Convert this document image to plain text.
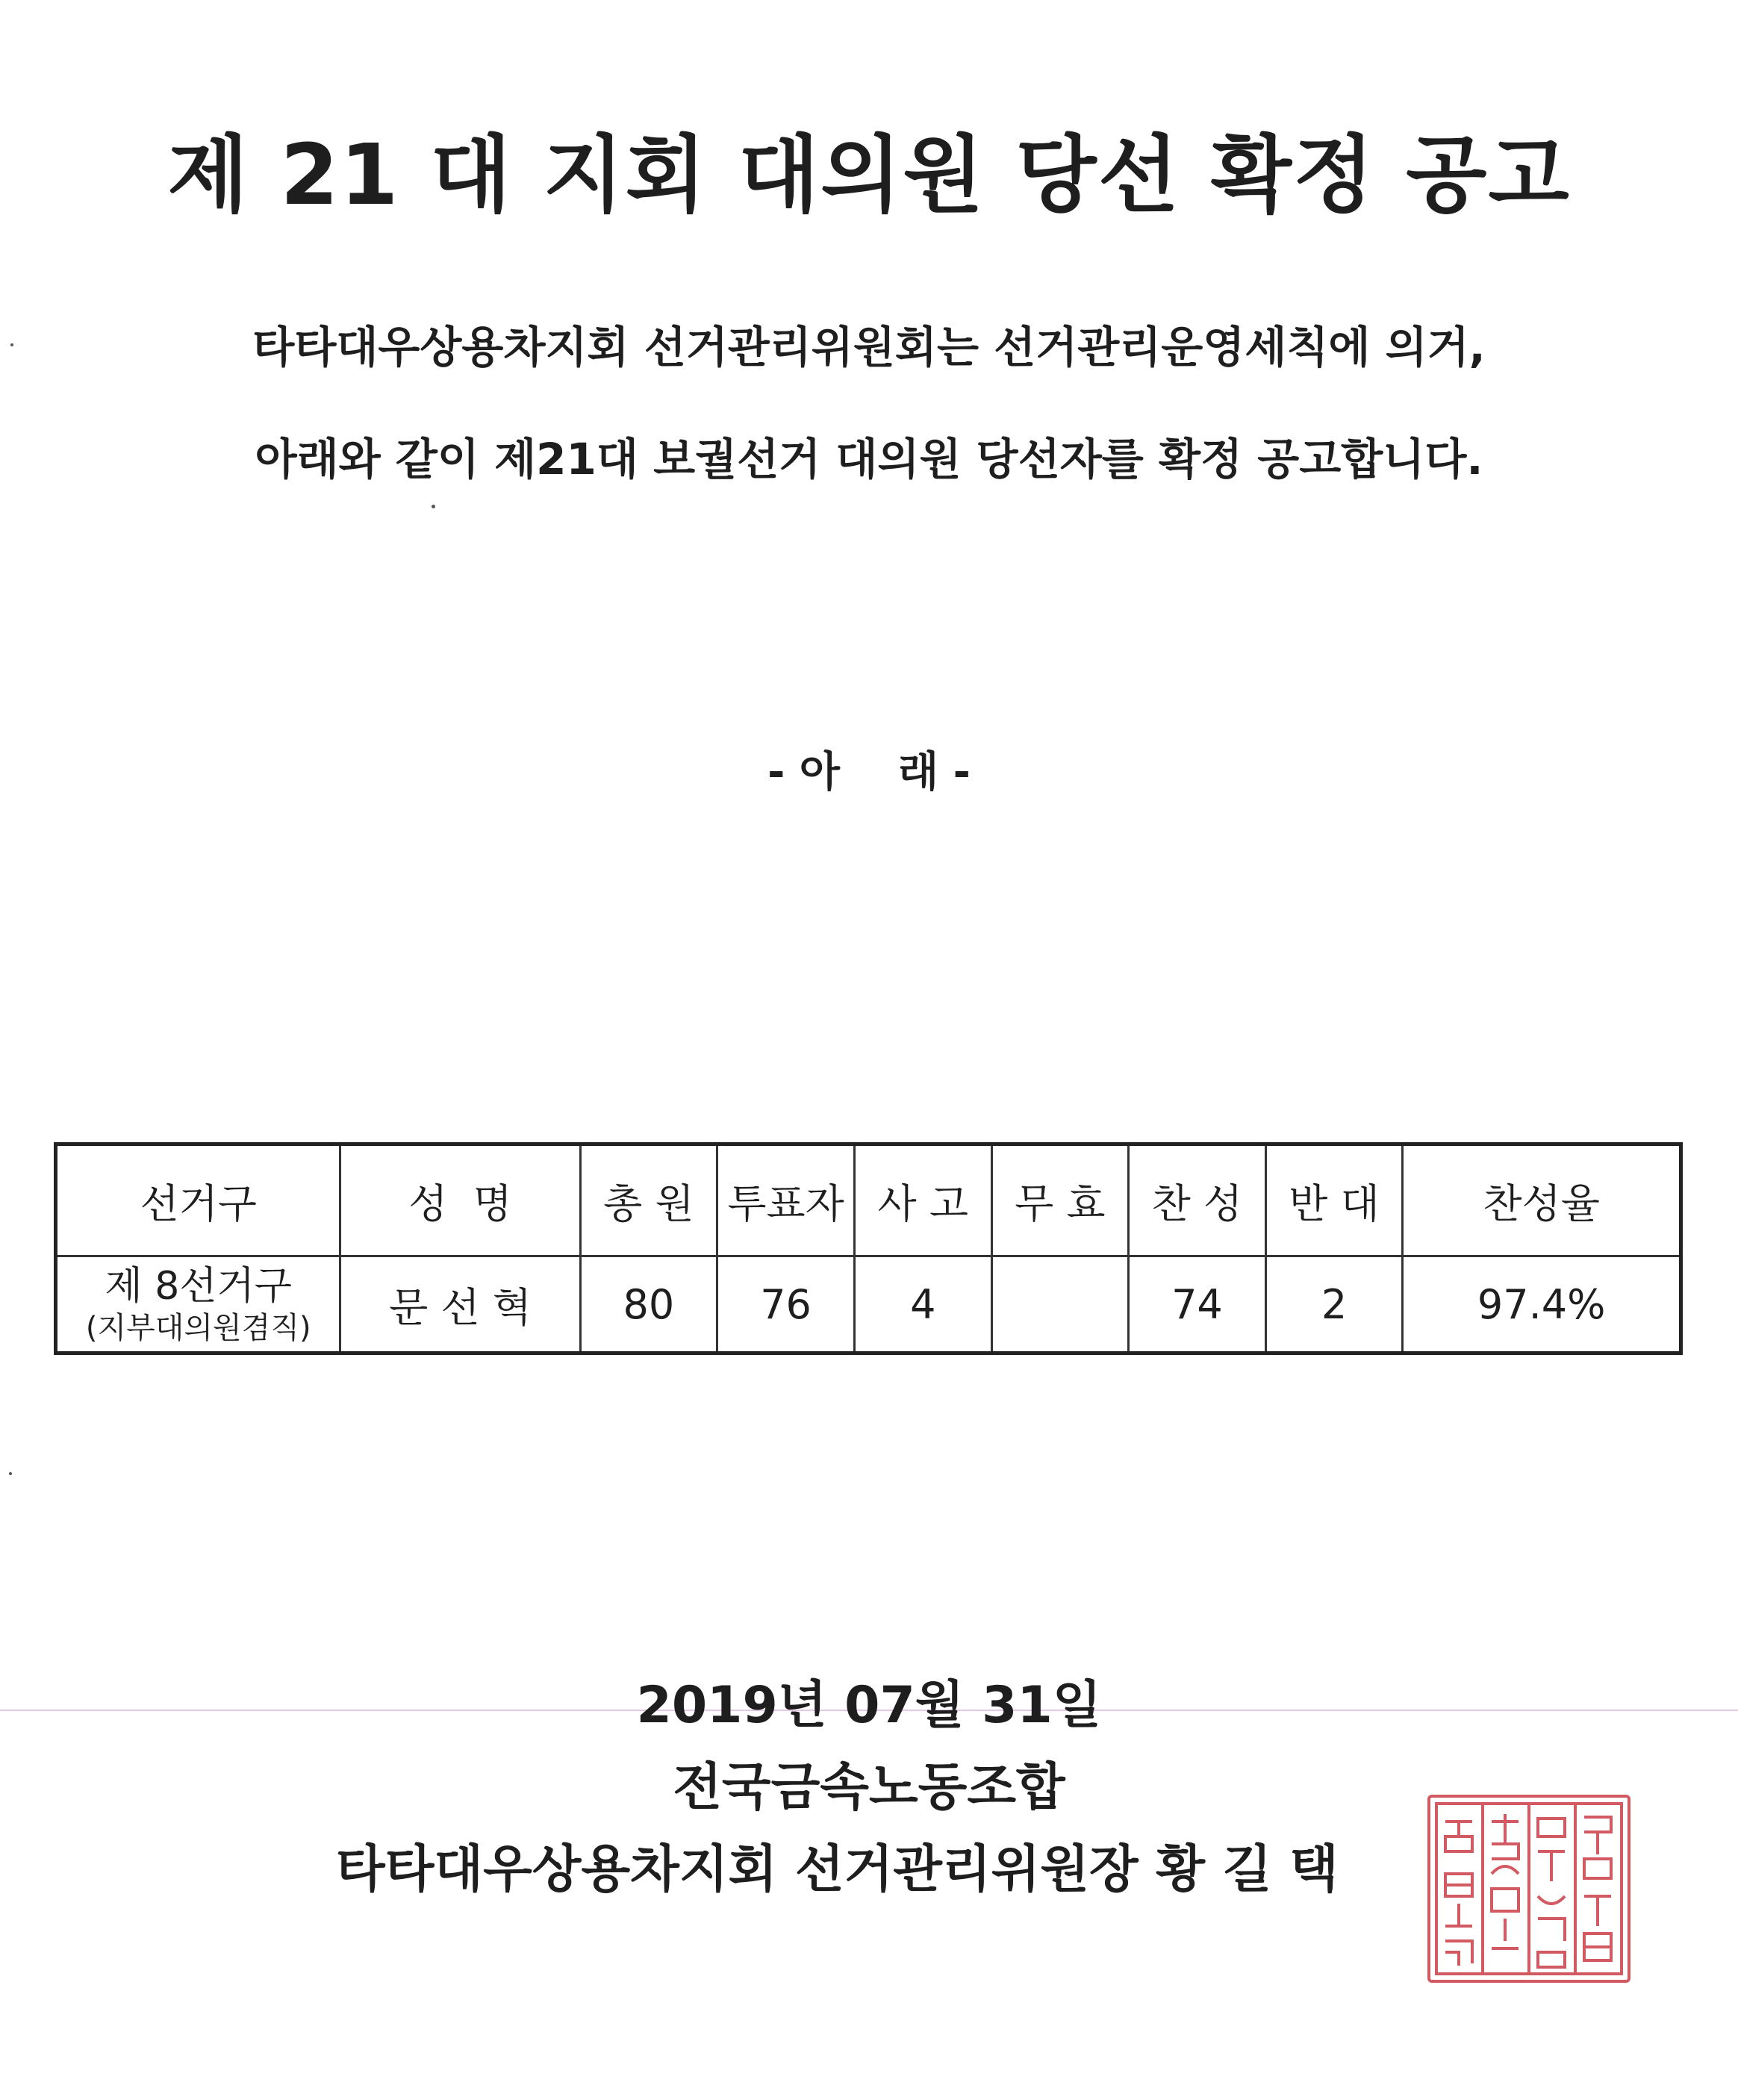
제 21 대 지회 대의원 당선 확정 공고
타타대우상용차지회 선거관리위원회는 선거관리운영세칙에 의거,
아래와 같이 제21대 보궐선거 대의원 당선자를 확정 공고합니다.
- 아    래 -
선거구	성  명	총 원	투표자	사 고	무 효	찬 성	반 대	찬성율

제 8선거구
(지부대의원겸직)	문 선 혁	80	76	4		74	2	97.4%
2019년 07월 31일
전국금속노동조합
타타대우상용차지회 선거관리위원장 황 길 택
